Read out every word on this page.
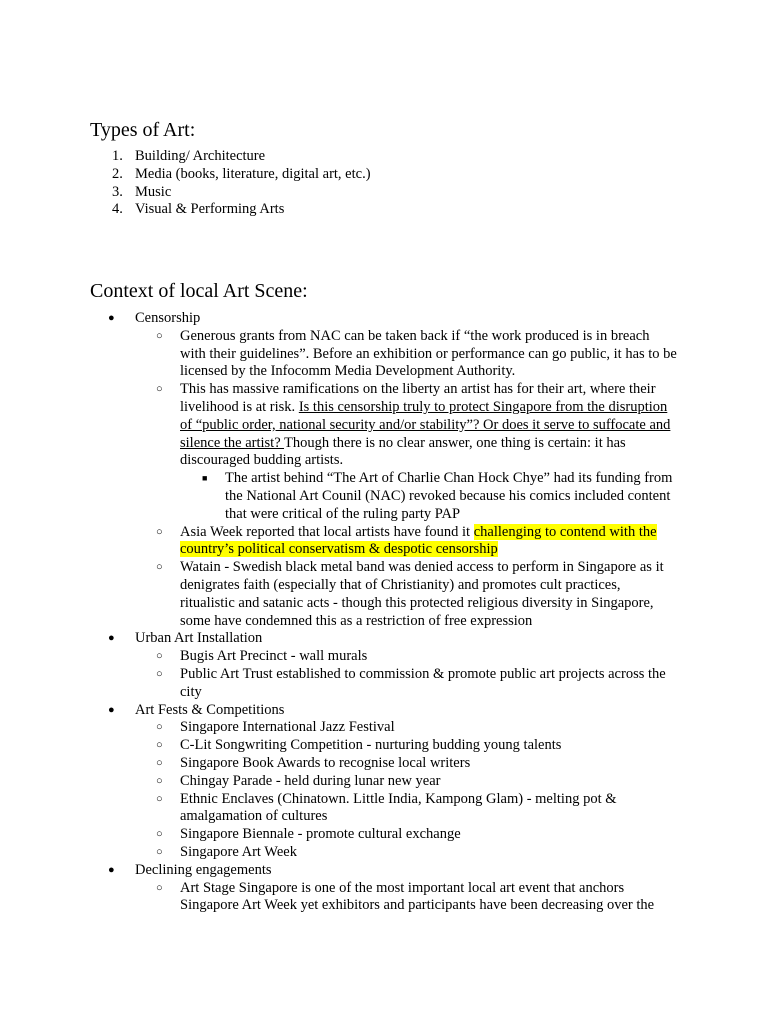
Types of Art:
1. Building/ Architecture
2. Media (books, literature, digital art, etc.)
3. Music
4. Visual & Performing Arts
Context of local Art Scene:
● Censorship
○ Generous grants from NAC can be taken back if “the work produced is in breach with their guidelines”. Before an exhibition or performance can go public, it has to be licensed by the Infocomm Media Development Authority.
○ This has massive ramifications on the liberty an artist has for their art, where their livelihood is at risk. Is this censorship truly to protect Singapore from the disruption of “public order, national security and/or stability”? Or does it serve to suffocate and silence the artist? Though there is no clear answer, one thing is certain: it has discouraged budding artists.
■ The artist behind “The Art of Charlie Chan Hock Chye” had its funding from the National Art Counil (NAC) revoked because his comics included content that were critical of the ruling party PAP
○ Asia Week reported that local artists have found it challenging to contend with the country’s political conservatism & despotic censorship
○ Watain - Swedish black metal band was denied access to perform in Singapore as it denigrates faith (especially that of Christianity) and promotes cult practices, ritualistic and satanic acts - though this protected religious diversity in Singapore, some have condemned this as a restriction of free expression
● Urban Art Installation
○ Bugis Art Precinct - wall murals
○ Public Art Trust established to commission & promote public art projects across the city
● Art Fests & Competitions
○ Singapore International Jazz Festival
○ C-Lit Songwriting Competition - nurturing budding young talents
○ Singapore Book Awards to recognise local writers
○ Chingay Parade - held during lunar new year
○ Ethnic Enclaves (Chinatown. Little India, Kampong Glam) - melting pot & amalgamation of cultures
○ Singapore Biennale - promote cultural exchange
○ Singapore Art Week
● Declining engagements
○ Art Stage Singapore is one of the most important local art event that anchors Singapore Art Week yet exhibitors and participants have been decreasing over the
